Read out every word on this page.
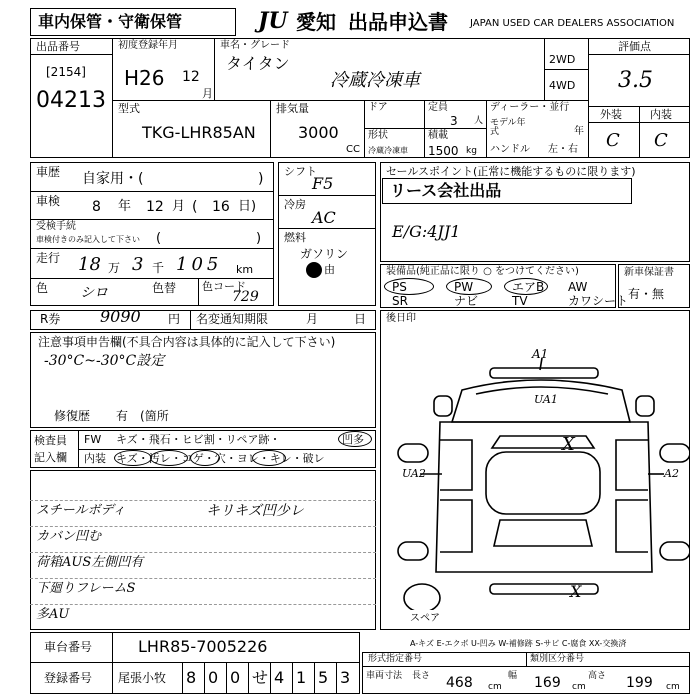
車内保管・守衛保管	JU 愛知 出品申込書 JAPAN USED CAR DEALERS ASSOCIATION
出品番号
[2154]
04213
初度登録年月
H26 12
月
車名・グレード
タイタン
冷蔵冷凍車
2WD
4WD
評価点
3.5
外装	内装
C C
型式
TKG-LHR85AN
排気量
3000
CC
ドア	定員
3 人
形状
冷蔵冷凍車
積載
1500 kg
ディーラー・並行
モデル年式	年
ハンドル 左・右
車歴 自家用・(	)
車検 8 年 12 月 ( 16 日)
受検手続
車検付きのみ記入して下さい (	)
走行 18 万 3 千 105 km
色 シロ	色替 色コード
729
シフト
F5
冷房
AC
燃料
ガソリン
由
セールスポイント(正常に機能するものに限ります)
リース会社出品
E/G:4JJ1
装備品(純正品に限り ○ をつけてください)
PS	PW	エアB AW
SR	ナビ	TV	カワシート
新車保証書
有・無
R券 9090 円 名変通知期限	月	日
注意事項申告欄(不具合内容は具体的に記入して下さい)
-30°C~-30°C設定
修復歴 有 (箇所
検査員
記入欄
FW キズ・飛石・ヒビ割・リペア跡・	凹多
内装 キズ・汚レ・コゲ・穴・ヨレ・キレ・破レ
スチールボディ
カバン凹む
荷箱AUS左側凹有
下廻りフレームS
多AU
キリキズ凹少レ
後日印
A1
UA1
X
UA2	A2
スペア
X
A-キズ E-エクボ U-凹み W-補修跡 S-サビ C-腐食 XX-交換済
車台番号	LHR85-7005226
登録番号 尾張小牧 8 0 0 せ 4 1 5 3
形式指定番号	類別区分番号
車両寸法 長さ	幅	高さ
468 cm 169 cm	199 cm
